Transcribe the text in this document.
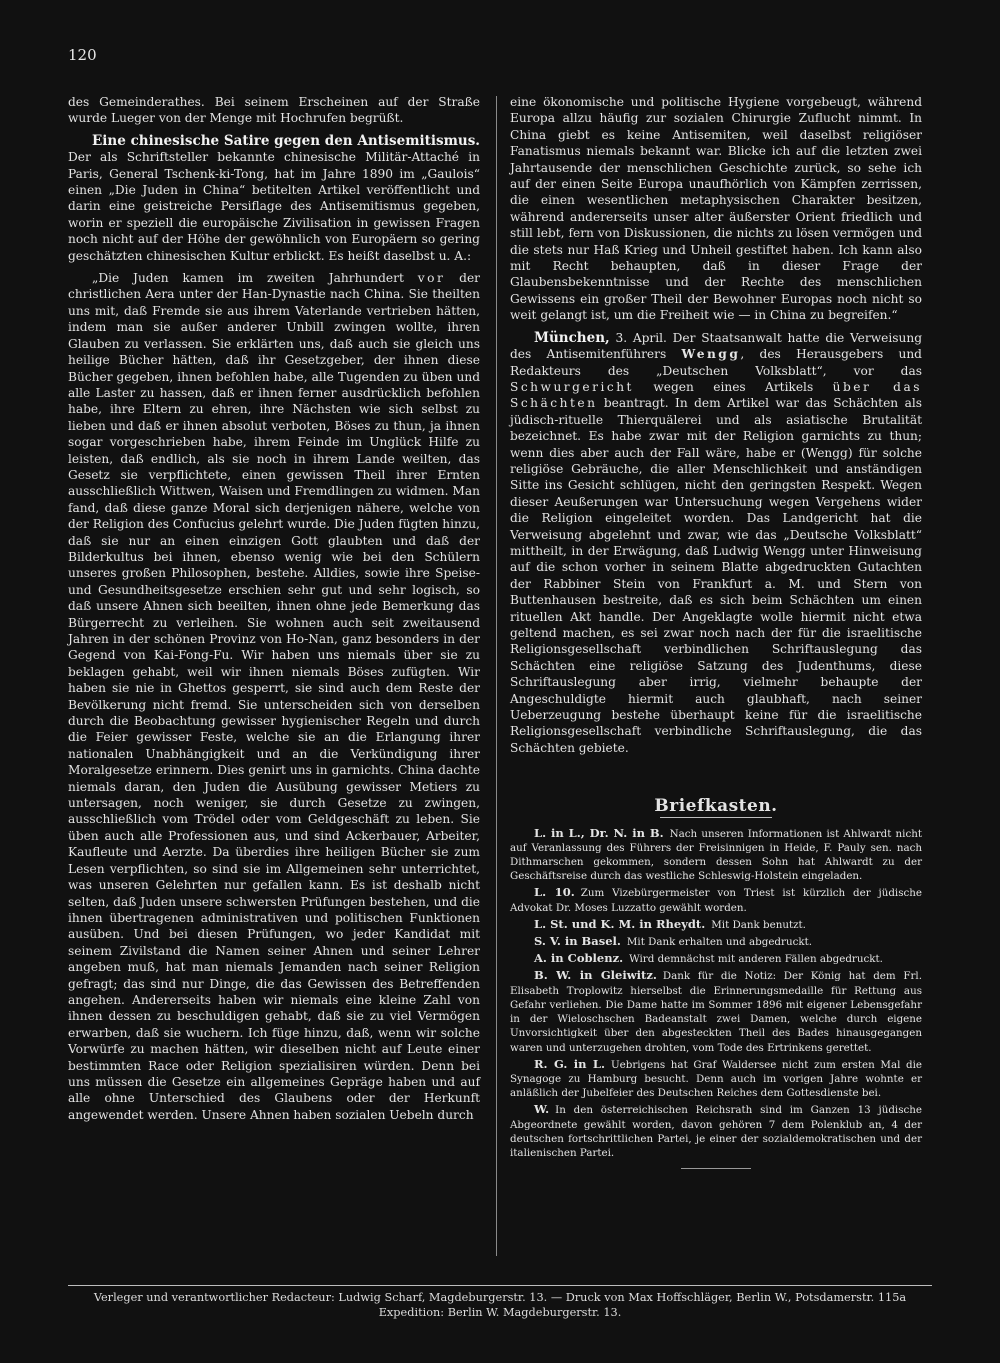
120

des Gemeinderathes. Bei seinem Erscheinen auf der Straße wurde Lueger von der Menge mit Hochrufen begrüßt.

Eine chinesische Satire gegen den Antisemitismus. Der als Schriftsteller bekannte chinesische Militär-Attaché in Paris, General Tschenk-ki-Tong, hat im Jahre 1890 im „Gaulois“ einen „Die Juden in China“ betitelten Artikel veröffentlicht und darin eine geistreiche Persiflage des Antisemitismus gegeben, worin er speziell die europäische Zivilisation in gewissen Fragen noch nicht auf der Höhe der gewöhnlich von Europäern so gering geschätzten chinesischen Kultur erblickt. Es heißt daselbst u. A.:

„Die Juden kamen im zweiten Jahrhundert vor der christlichen Aera unter der Han-Dynastie nach China. Sie theilten uns mit, daß Fremde sie aus ihrem Vaterlande vertrieben hätten, indem man sie außer anderer Unbill zwingen wollte, ihren Glauben zu verlassen. Sie erklärten uns, daß auch sie gleich uns heilige Bücher hätten, daß ihr Gesetzgeber, der ihnen diese Bücher gegeben, ihnen befohlen habe, alle Tugenden zu üben und alle Laster zu hassen, daß er ihnen ferner ausdrücklich befohlen habe, ihre Eltern zu ehren, ihre Nächsten wie sich selbst zu lieben und daß er ihnen absolut verboten, Böses zu thun, ja ihnen sogar vorgeschrieben habe, ihrem Feinde im Unglück Hilfe zu leisten, daß endlich, als sie noch in ihrem Lande weilten, das Gesetz sie verpflichtete, einen gewissen Theil ihrer Ernten ausschließlich Wittwen, Waisen und Fremdlingen zu widmen. Man fand, daß diese ganze Moral sich derjenigen nähere, welche von der Religion des Confucius gelehrt wurde. Die Juden fügten hinzu, daß sie nur an einen einzigen Gott glaubten und daß der Bilderkultus bei ihnen, ebenso wenig wie bei den Schülern unseres großen Philosophen, bestehe. Alldies, sowie ihre Speise- und Gesundheitsgesetze erschien sehr gut und sehr logisch, so daß unsere Ahnen sich beeilten, ihnen ohne jede Bemerkung das Bürgerrecht zu verleihen. Sie wohnen auch seit zweitausend Jahren in der schönen Provinz von Ho-Nan, ganz besonders in der Gegend von Kai-Fong-Fu. Wir haben uns niemals über sie zu beklagen gehabt, weil wir ihnen niemals Böses zufügten. Wir haben sie nie in Ghettos gesperrt, sie sind auch dem Reste der Bevölkerung nicht fremd. Sie unterscheiden sich von derselben durch die Beobachtung gewisser hygienischer Regeln und durch die Feier gewisser Feste, welche sie an die Erlangung ihrer nationalen Unabhängigkeit und an die Verkündigung ihrer Moralgesetze erinnern. Dies genirt uns in garnichts. China dachte niemals daran, den Juden die Ausübung gewisser Metiers zu untersagen, noch weniger, sie durch Gesetze zu zwingen, ausschließlich vom Trödel oder vom Geldgeschäft zu leben. Sie üben auch alle Professionen aus, und sind Ackerbauer, Arbeiter, Kaufleute und Aerzte. Da überdies ihre heiligen Bücher sie zum Lesen verpflichten, so sind sie im Allgemeinen sehr unterrichtet, was unseren Gelehrten nur gefallen kann. Es ist deshalb nicht selten, daß Juden unsere schwersten Prüfungen bestehen, und die ihnen übertragenen administrativen und politischen Funktionen ausüben. Und bei diesen Prüfungen, wo jeder Kandidat mit seinem Zivilstand die Namen seiner Ahnen und seiner Lehrer angeben muß, hat man niemals Jemanden nach seiner Religion gefragt; das sind nur Dinge, die das Gewissen des Betreffenden angehen. Andererseits haben wir niemals eine kleine Zahl von ihnen dessen zu beschuldigen gehabt, daß sie zu viel Vermögen erwarben, daß sie wuchern. Ich füge hinzu, daß, wenn wir solche Vorwürfe zu machen hätten, wir dieselben nicht auf Leute einer bestimmten Race oder Religion spezialisiren würden. Denn bei uns müssen die Gesetze ein allgemeines Gepräge haben und auf alle ohne Unterschied des Glaubens oder der Herkunft angewendet werden. Unsere Ahnen haben sozialen Uebeln durch

eine ökonomische und politische Hygiene vorgebeugt, während Europa allzu häufig zur sozialen Chirurgie Zuflucht nimmt. In China giebt es keine Antisemiten, weil daselbst religiöser Fanatismus niemals bekannt war. Blicke ich auf die letzten zwei Jahrtausende der menschlichen Geschichte zurück, so sehe ich auf der einen Seite Europa unaufhörlich von Kämpfen zerrissen, die einen wesentlichen metaphysischen Charakter besitzen, während andererseits unser alter äußerster Orient friedlich und still lebt, fern von Diskussionen, die nichts zu lösen vermögen und die stets nur Haß Krieg und Unheil gestiftet haben. Ich kann also mit Recht behaupten, daß in dieser Frage der Glaubensbekenntnisse und der Rechte des menschlichen Gewissens ein großer Theil der Bewohner Europas noch nicht so weit gelangt ist, um die Freiheit wie — in China zu begreifen.“

München, 3. April. Der Staatsanwalt hatte die Verweisung des Antisemitenführers Wengg, des Herausgebers und Redakteurs des „Deutschen Volksblatt“, vor das Schwurgericht wegen eines Artikels über das Schächten beantragt. In dem Artikel war das Schächten als jüdisch-rituelle Thierquälerei und als asiatische Brutalität bezeichnet. Es habe zwar mit der Religion garnichts zu thun; wenn dies aber auch der Fall wäre, habe er (Wengg) für solche religiöse Gebräuche, die aller Menschlichkeit und anständigen Sitte ins Gesicht schlügen, nicht den geringsten Respekt. Wegen dieser Aeußerungen war Untersuchung wegen Vergehens wider die Religion eingeleitet worden. Das Landgericht hat die Verweisung abgelehnt und zwar, wie das „Deutsche Volksblatt“ mittheilt, in der Erwägung, daß Ludwig Wengg unter Hinweisung auf die schon vorher in seinem Blatte abgedruckten Gutachten der Rabbiner Stein von Frankfurt a. M. und Stern von Buttenhausen bestreite, daß es sich beim Schächten um einen rituellen Akt handle. Der Angeklagte wolle hiermit nicht etwa geltend machen, es sei zwar noch nach der für die israelitische Religionsgesellschaft verbindlichen Schriftauslegung das Schächten eine religiöse Satzung des Judenthums, diese Schriftauslegung aber irrig, vielmehr behaupte der Angeschuldigte hiermit auch glaubhaft, nach seiner Ueberzeugung bestehe überhaupt keine für die israelitische Religionsgesellschaft verbindliche Schriftauslegung, die das Schächten gebiete.

Briefkasten.

L. in L., Dr. N. in B. Nach unseren Informationen ist Ahlwardt nicht auf Veranlassung des Führers der Freisinnigen in Heide, F. Pauly sen. nach Dithmarschen gekommen, sondern dessen Sohn hat Ahlwardt zu der Geschäftsreise durch das westliche Schleswig-Holstein eingeladen.

L. 10. Zum Vizebürgermeister von Triest ist kürzlich der jüdische Advokat Dr. Moses Luzzatto gewählt worden.

L. St. und K. M. in Rheydt. Mit Dank benutzt.

S. V. in Basel. Mit Dank erhalten und abgedruckt.

A. in Coblenz. Wird demnächst mit anderen Fällen abgedruckt.

B. W. in Gleiwitz. Dank für die Notiz: Der König hat dem Frl. Elisabeth Troplowitz hierselbst die Erinnerungsmedaille für Rettung aus Gefahr verliehen. Die Dame hatte im Sommer 1896 mit eigener Lebensgefahr in der Wieloschschen Badeanstalt zwei Damen, welche durch eigene Unvorsichtigkeit über den abgesteckten Theil des Bades hinausgegangen waren und unterzugehen drohten, vom Tode des Ertrinkens gerettet.

R. G. in L. Uebrigens hat Graf Waldersee nicht zum ersten Mal die Synagoge zu Hamburg besucht. Denn auch im vorigen Jahre wohnte er anläßlich der Jubelfeier des Deutschen Reiches dem Gottesdienste bei.

W. In den österreichischen Reichsrath sind im Ganzen 13 jüdische Abgeordnete gewählt worden, davon gehören 7 dem Polenklub an, 4 der deutschen fortschrittlichen Partei, je einer der sozialdemokratischen und der italienischen Partei.

Verleger und verantwortlicher Redacteur: Ludwig Scharf, Magdeburgerstr. 13. — Druck von Max Hoffschläger, Berlin W., Potsdamerstr. 115a
Expedition: Berlin W. Magdeburgerstr. 13.
